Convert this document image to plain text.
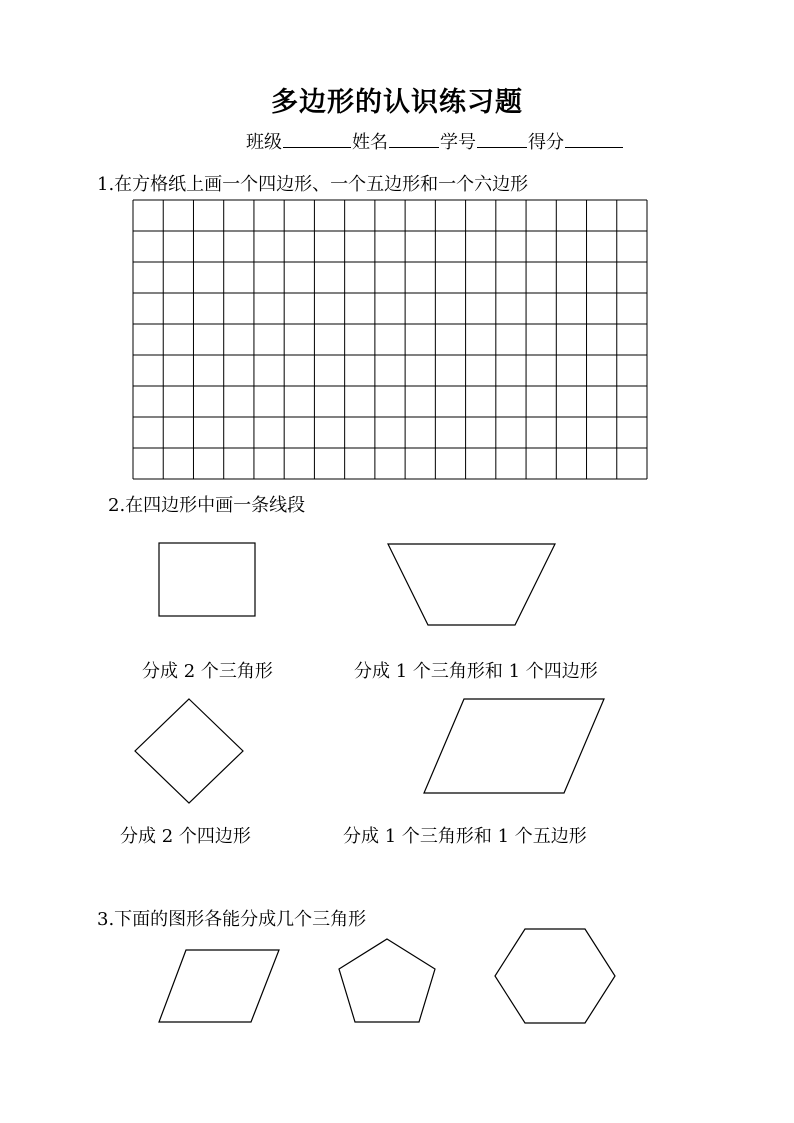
多边形的认识练习题
班级	姓名	学号	得分
1.在方格纸上画一个四边形、一个五边形和一个六边形
2.在四边形中画一条线段
分成 2 个三角形	分成 1 个三角形和 1 个四边形
分成 2 个四边形	分成 1 个三角形和 1 个五边形
3.下面的图形各能分成几个三角形
